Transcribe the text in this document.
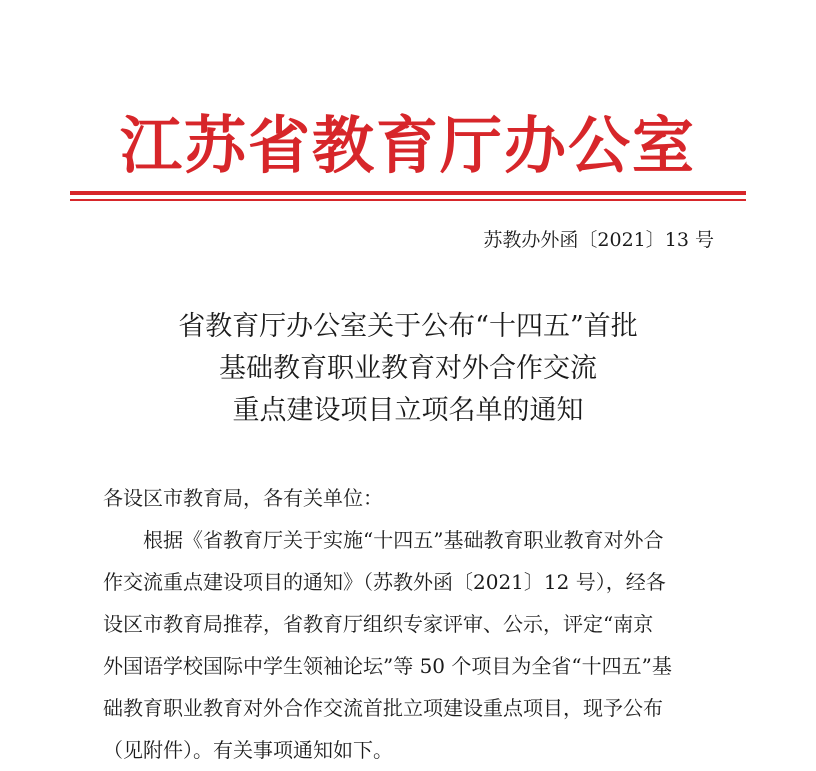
江苏省教育厅办公室
苏教办外函〔2021〕13 号
省教育厅办公室关于公布“十四五”首批
基础教育职业教育对外合作交流
重点建设项目立项名单的通知
各设区市教育局，各有关单位：
根据《省教育厅关于实施“十四五”基础教育职业教育对外合
作交流重点建设项目的通知》（苏教外函〔2021〕12 号），经各
设区市教育局推荐，省教育厅组织专家评审、公示，评定“南京
外国语学校国际中学生领袖论坛”等 50 个项目为全省“十四五”基
础教育职业教育对外合作交流首批立项建设重点项目，现予公布
（见附件）。有关事项通知如下。
